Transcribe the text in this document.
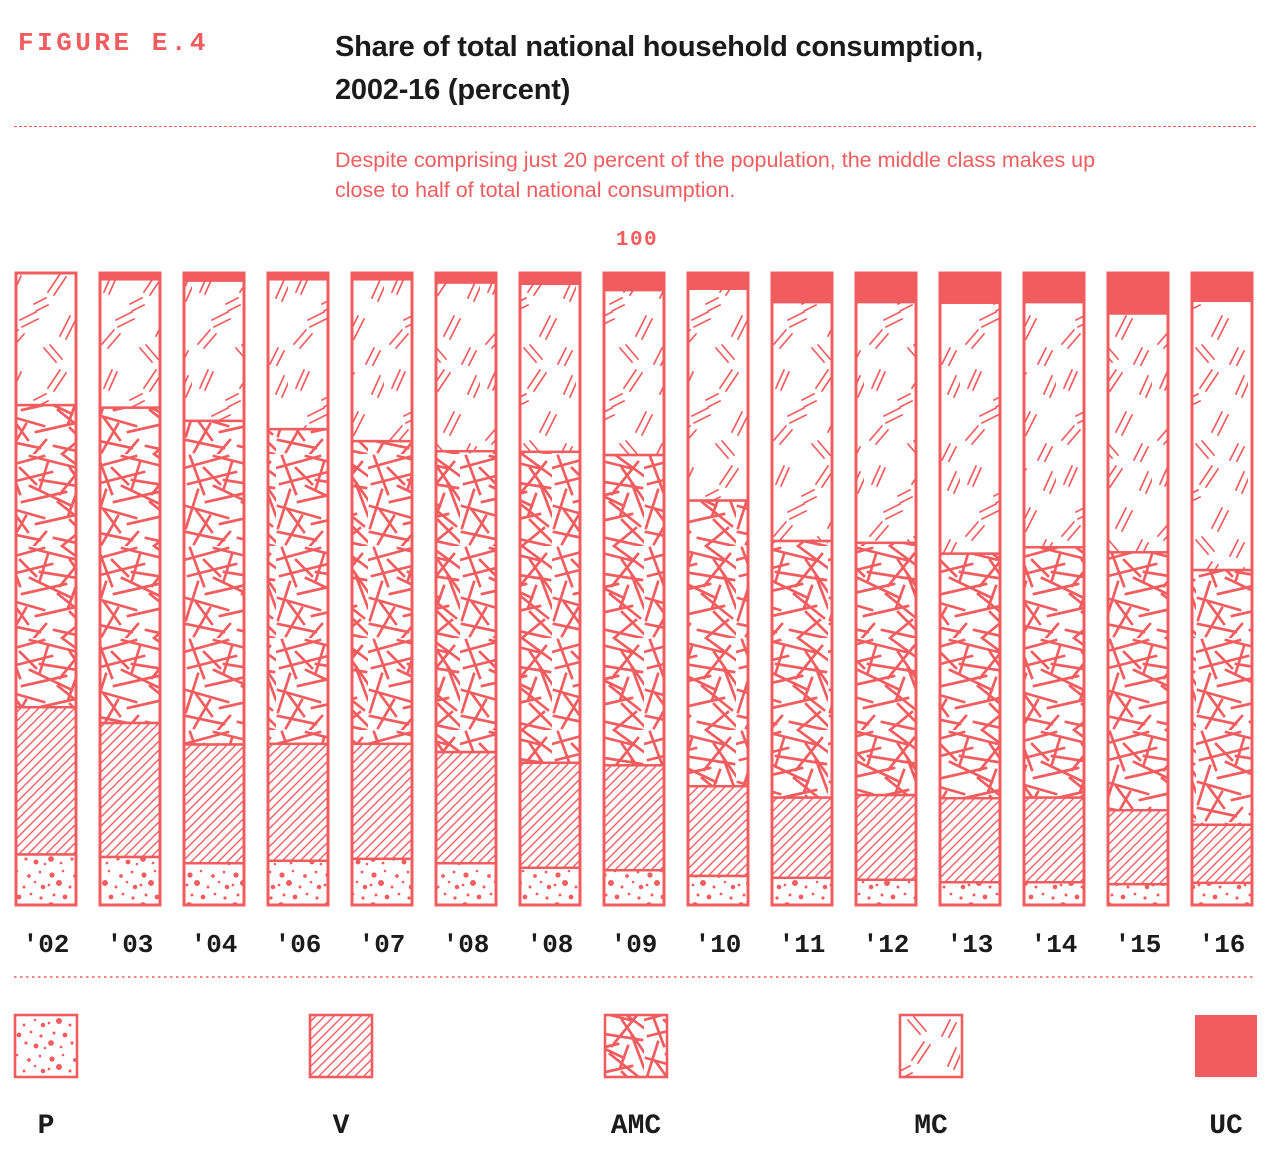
FIGURE E.4	Share of total national household consumption,
2002-16 (percent)
Despite comprising just 20 percent of the population, the middle class makes up
close to half of total national consumption.
100
'02 '03 '04 '06 '07 '08 '08 '09 '10 '11 '12 '13 '14 '15 '16
P	V	AMC	MC	UC
